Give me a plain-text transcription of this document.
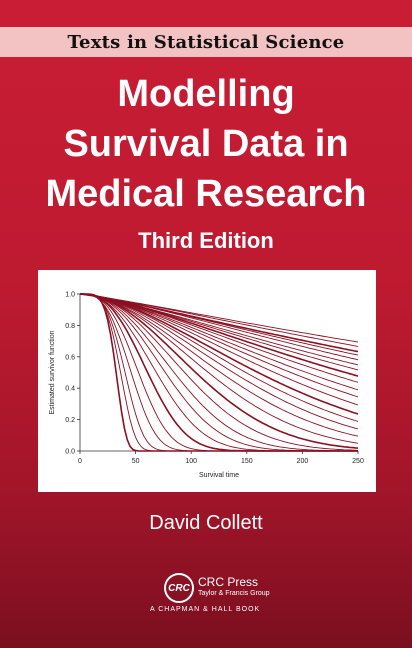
Texts in Statistical Science
Modelling
Survival Data in
Medical Research
Third Edition
0	50	100	150	200	250
0.0
0.2
0.4
0.6
0.8
1.0
Survival time
Estimated survivor function
David Collett
CRC CRC Press
Taylor & Francis Group
A CHAPMAN & HALL BOOK
